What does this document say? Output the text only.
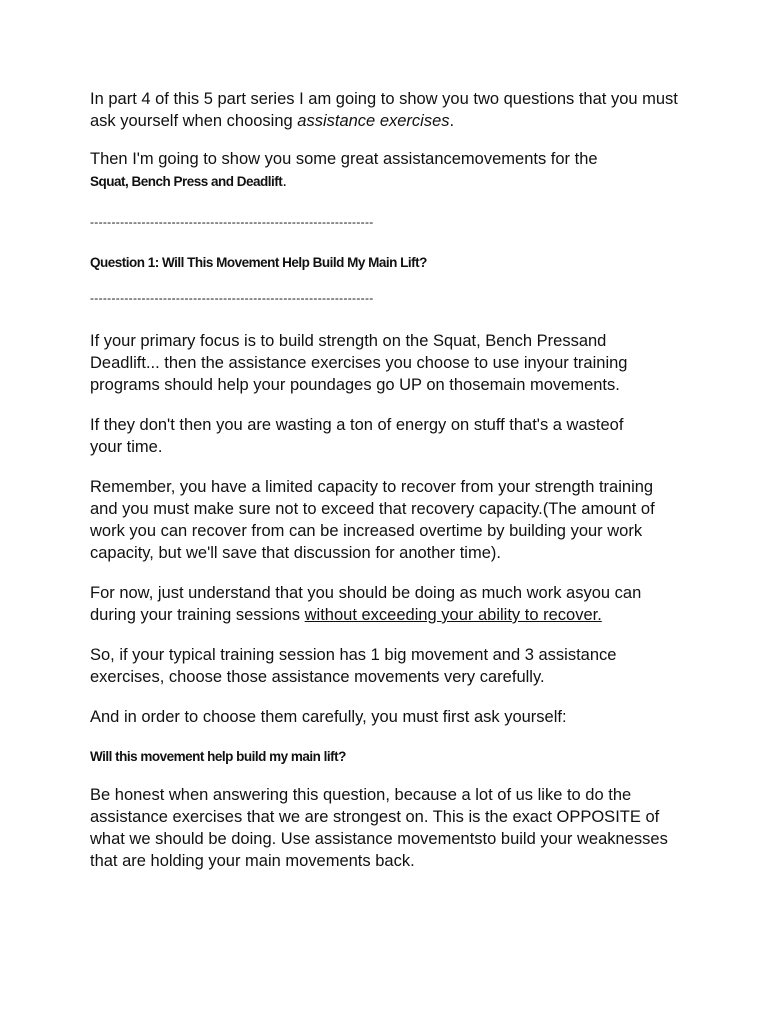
In part 4 of this 5 part series I am going to show you two questions that you must ask yourself when choosing assistance exercises.

Then I'm going to show you some great assistancemovements for the
Squat, Bench Press and Deadlift.

------------------------------------------------------------------

Question 1: Will This Movement Help Build My Main Lift?

------------------------------------------------------------------

If your primary focus is to build strength on the Squat, Bench Pressand Deadlift... then the assistance exercises you choose to use inyour training programs should help your poundages go UP on thosemain movements.

If they don't then you are wasting a ton of energy on stuff that's a wasteof your time.

Remember, you have a limited capacity to recover from your strength training and you must make sure not to exceed that recovery capacity.(The amount of work you can recover from can be increased overtime by building your work capacity, but we'll save that discussion for another time).

For now, just understand that you should be doing as much work asyou can during your training sessions without exceeding your ability to recover.

So, if your typical training session has 1 big movement and 3 assistance exercises, choose those assistance movements very carefully.

And in order to choose them carefully, you must first ask yourself:

Will this movement help build my main lift?

Be honest when answering this question, because a lot of us like to do the assistance exercises that we are strongest on. This is the exact OPPOSITE of what we should be doing. Use assistance movementsto build your weaknesses that are holding your main movements back.
